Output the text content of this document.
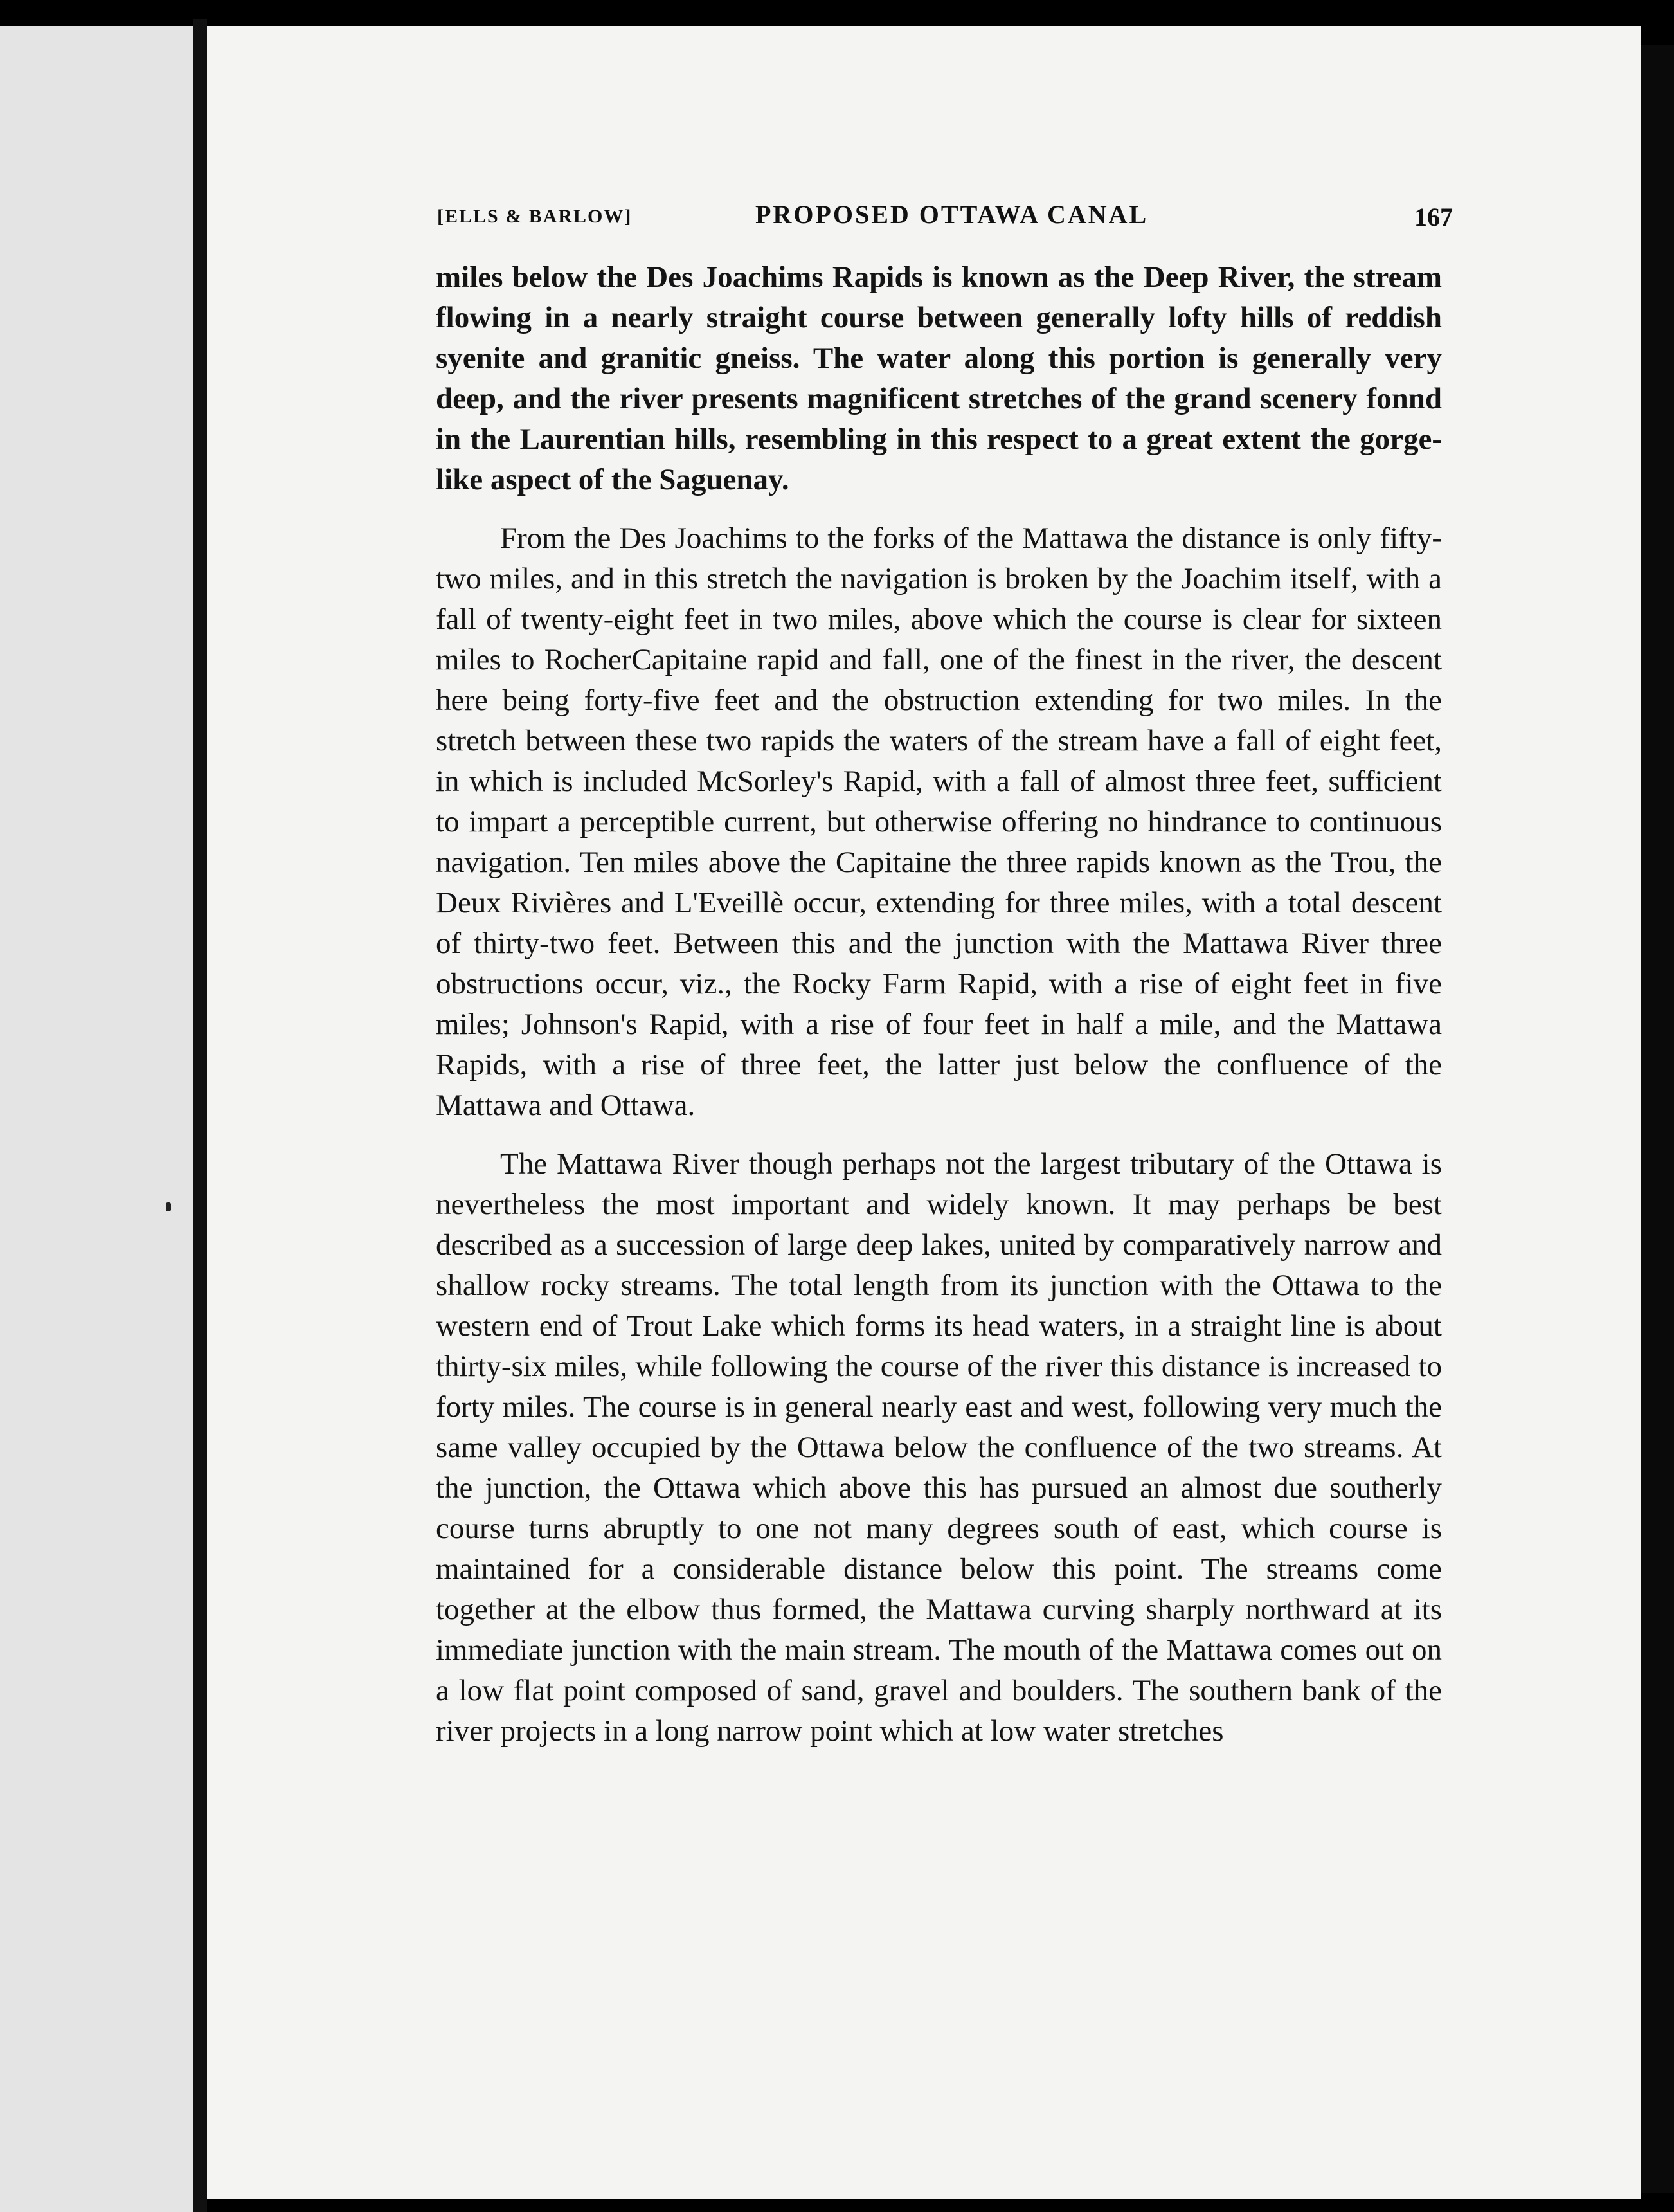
[ELLS & BARLOW]	PROPOSED OTTAWA CANAL	167

miles below the Des Joachims Rapids is known as the Deep River, the stream flowing in a nearly straight course between generally lofty hills of reddish syenite and granitic gneiss. The water along this portion is generally very deep, and the river presents magnificent stretches of the grand scenery fonnd in the Laurentian hills, resembling in this respect to a great extent the gorge-like aspect of the Saguenay.

From the Des Joachims to the forks of the Mattawa the distance is only fifty-two miles, and in this stretch the navigation is broken by the Joachim itself, with a fall of twenty-eight feet in two miles, above which the course is clear for sixteen miles to RocherCapitaine rapid and fall, one of the finest in the river, the descent here being forty-five feet and the obstruction extending for two miles. In the stretch between these two rapids the waters of the stream have a fall of eight feet, in which is included McSorley's Rapid, with a fall of almost three feet, sufficient to impart a perceptible current, but otherwise offering no hindrance to continuous navigation. Ten miles above the Capitaine the three rapids known as the Trou, the Deux Rivières and L'Eveillè occur, extending for three miles, with a total descent of thirty-two feet. Between this and the junction with the Mattawa River three obstructions occur, viz., the Rocky Farm Rapid, with a rise of eight feet in five miles; Johnson's Rapid, with a rise of four feet in half a mile, and the Mattawa Rapids, with a rise of three feet, the latter just below the confluence of the Mattawa and Ottawa.

The Mattawa River though perhaps not the largest tributary of the Ottawa is nevertheless the most important and widely known. It may perhaps be best described as a succession of large deep lakes, united by comparatively narrow and shallow rocky streams. The total length from its junction with the Ottawa to the western end of Trout Lake which forms its head waters, in a straight line is about thirty-six miles, while following the course of the river this distance is increased to forty miles. The course is in general nearly east and west, following very much the same valley occupied by the Ottawa below the confluence of the two streams. At the junction, the Ottawa which above this has pursued an almost due southerly course turns abruptly to one not many degrees south of east, which course is maintained for a considerable distance below this point. The streams come together at the elbow thus formed, the Mattawa curving sharply northward at its immediate junction with the main stream. The mouth of the Mattawa comes out on a low flat point composed of sand, gravel and boulders. The southern bank of the river projects in a long narrow point which at low water stretches
